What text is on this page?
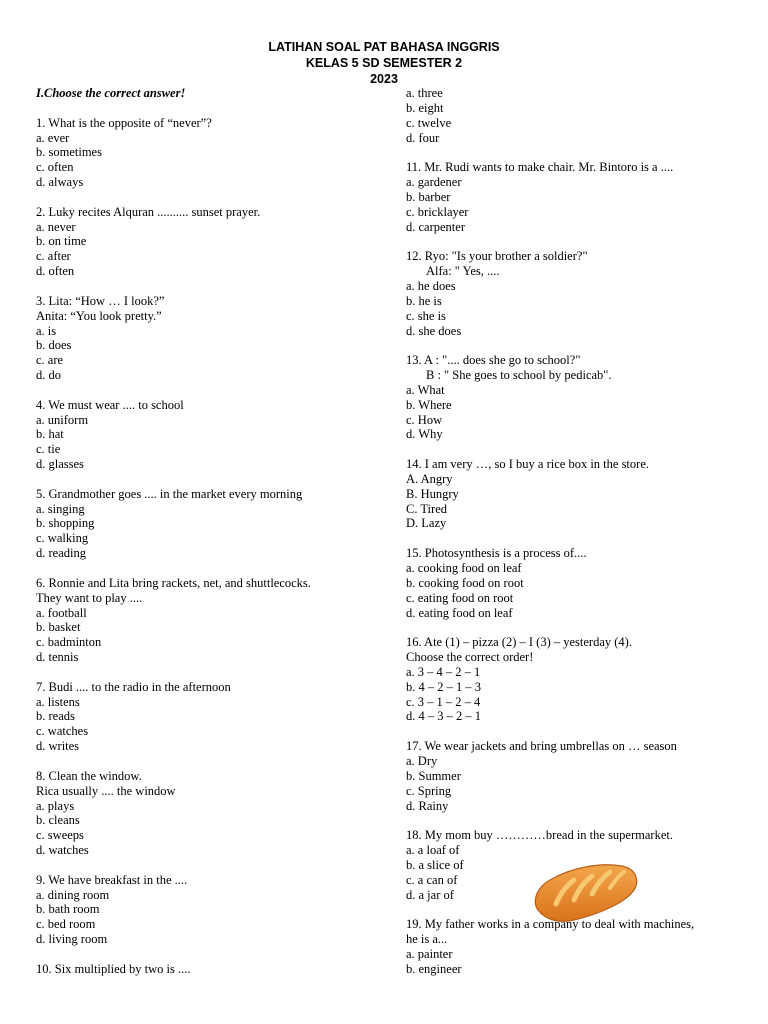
LATIHAN SOAL PAT BAHASA INGGRIS
KELAS 5 SD SEMESTER 2
2023
I.Choose the correct answer!
1. What is the opposite of “never”?
a. ever
b. sometimes
c. often
d. always
2. Luky recites Alquran .......... sunset prayer.
a. never
b. on time
c. after
d. often
3. Lita: “How … I look?”
Anita: “You look pretty.”
a. is
b. does
c. are
d. do
4. We must wear .... to school
a. uniform
b. hat
c. tie
d. glasses
5. Grandmother goes .... in the market every morning
a. singing
b. shopping
c. walking
d. reading
6. Ronnie and Lita bring rackets, net, and shuttlecocks.
They want to play ....
a. football
b. basket
c. badminton
d. tennis
7. Budi .... to the radio in the afternoon
a. listens
b. reads
c. watches
d. writes
8. Clean the window.
Rica usually .... the window
a. plays
b. cleans
c. sweeps
d. watches
9. We have breakfast in the ....
a. dining room
b. bath room
c. bed room
d. living room
10. Six multiplied by two is ....
a. three
b. eight
c. twelve
d. four
11. Mr. Rudi wants to make chair. Mr. Bintoro is a ....
a. gardener
b. barber
c. bricklayer
d. carpenter
12. Ryo: "Is your brother a soldier?"
Alfa: " Yes, ....
a. he does
b. he is
c. she is
d. she does
13. A : ".... does she go to school?"
B : " She goes to school by pedicab".
a. What
b. Where
c. How
d. Why
14. I am very …, so I buy a rice box in the store.
A. Angry
B. Hungry
C. Tired
D. Lazy
15. Photosynthesis is a process of....
a. cooking food on leaf
b. cooking food on root
c. eating food on root
d. eating food on leaf
16. Ate (1) – pizza (2) – I (3) – yesterday (4).
Choose the correct order!
a. 3 – 4 – 2 – 1
b. 4 – 2 – 1 – 3
c. 3 – 1 – 2 – 4
d. 4 – 3 – 2 – 1
17. We wear jackets and bring umbrellas on … season
a. Dry
b. Summer
c. Spring
d. Rainy
18. My mom buy …………bread in the supermarket.
a. a loaf of
b. a slice of
c. a can of
d. a jar of
19. My father works in a company to deal with machines,
he is a...
a. painter
b. engineer
